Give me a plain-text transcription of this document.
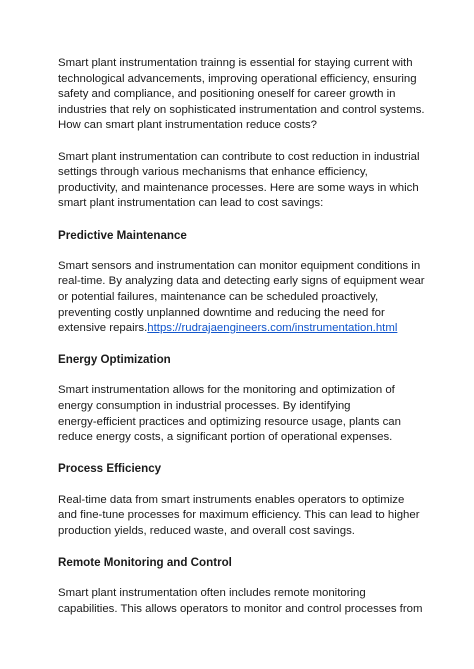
Smart plant instrumentation trainng is essential for staying current with
technological advancements, improving operational efficiency, ensuring
safety and compliance, and positioning oneself for career growth in
industries that rely on sophisticated instrumentation and control systems.
How can smart plant instrumentation reduce costs?

Smart plant instrumentation can contribute to cost reduction in industrial
settings through various mechanisms that enhance efficiency,
productivity, and maintenance processes. Here are some ways in which
smart plant instrumentation can lead to cost savings:

Predictive Maintenance

Smart sensors and instrumentation can monitor equipment conditions in
real-time. By analyzing data and detecting early signs of equipment wear
or potential failures, maintenance can be scheduled proactively,
preventing costly unplanned downtime and reducing the need for
extensive repairs.https://rudrajaengineers.com/instrumentation.html

Energy Optimization

Smart instrumentation allows for the monitoring and optimization of
energy consumption in industrial processes. By identifying
energy-efficient practices and optimizing resource usage, plants can
reduce energy costs, a significant portion of operational expenses.

Process Efficiency

Real-time data from smart instruments enables operators to optimize
and fine-tune processes for maximum efficiency. This can lead to higher
production yields, reduced waste, and overall cost savings.

Remote Monitoring and Control

Smart plant instrumentation often includes remote monitoring
capabilities. This allows operators to monitor and control processes from
